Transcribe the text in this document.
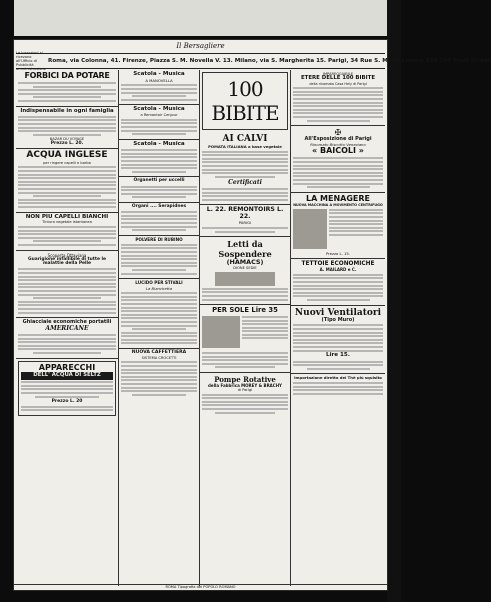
Il Bersagliere
Le Inserzioni si ricevono all'Ufficio di Pubblicità amministrazione
Roma, via Colonna, 41. Firenze, Piazza S. M. Novella V. 13. Milano, via S. Margherita 15. Parigi, 34 Rue S. Marc. Londra 139 140 Fleet Street
FORBICI DA POTARE
Indispensabile in ogni famiglia
BAZAR DU VOYAGE
Prezzo L. 20.
ACQUA INGLESE
per ringere capelli e barba
NON PIU CAPELLI BIANCHI
Tintura vegetale istantanea
Scoperta Ottaviana
Guarigione infallibile di tutte le malattie della Pelle
Ghiacciaie economiche portatili
AMERICANE
APPARECCHI
DELL' ACQUA DI SELTZ
Prezzo L. 20
Scatola - Musica
A MANOVELLA
Scatola - Musica
a Remontoir Cenjour
Scatola - Musica
Organetti per uccelli
Organi .... Serapidnes
POLVERE DI RUBINO
LUCIDO PER STIVALI
La Bianchetta
NUOVA CAFFETTIERA
SISTEMA CROCETTI
100 BIBITE
AI CALVI
POMATA ITALIANA a base vegetale
Certificati
L. 22. REMONTOIRS L. 22.
PARIGI
Letti da Sospendere
(HAMACS)
DIONE SEDIE
PER SOLE Lire 35
Pompe Rotative
della Fabbrica MOREY & BRACHY
di Parigi
IMPAREGGIABILE
ETERE DELLE 100 BIBITE
della rinomata Casa Hely di Parigi
✠
All'Esposizione di Parigi
Rinomato Biscotto Veneziano
« BAICOLI »
LA MENAGERE
NUOVA MACCHINA A MOVIMENTO CENTRIFUGO
Prezzo L. 15.
TETTOIE ECONOMICHE
A. MAILARD e C.
Nuovi Ventilatori
(Tipo Muro)
Lire 15.
Importazione diretta del Thè più squisito
ROMA Tipografia del POPOLO ROMANO
